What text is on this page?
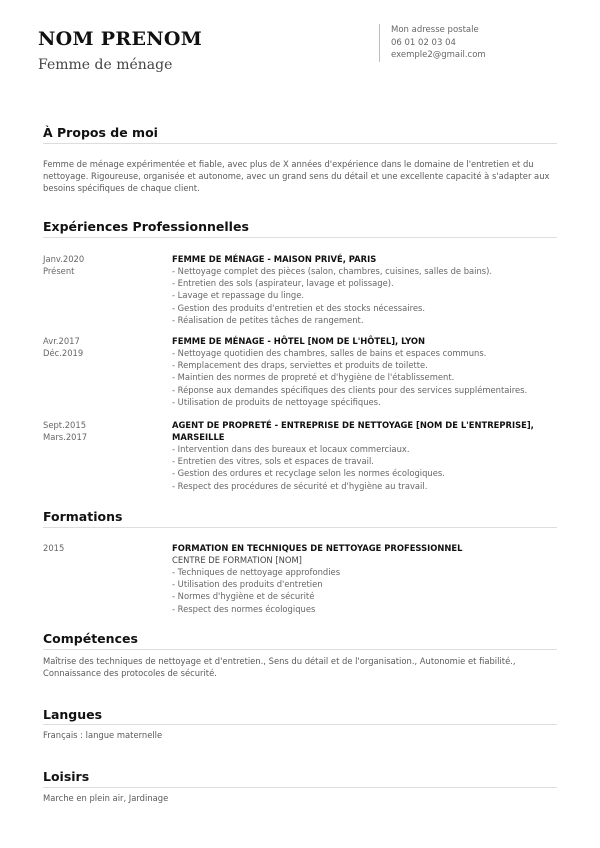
NOM PRENOM
Femme de ménage
Mon adresse postale
06 01 02 03 04
exemple2@gmail.com
À Propos de moi

Femme de ménage expérimentée et fiable, avec plus de X années d'expérience dans le domaine de l'entretien et du nettoyage. Rigoureuse, organisée et autonome, avec un grand sens du détail et une excellente capacité à s'adapter aux besoins spécifiques de chaque client.

Expériences Professionnelles
Janv.2020
Présent
FEMME DE MÉNAGE - MAISON PRIVÉ, PARIS
- Nettoyage complet des pièces (salon, chambres, cuisines, salles de bains).
- Entretien des sols (aspirateur, lavage et polissage).
- Lavage et repassage du linge.
- Gestion des produits d'entretien et des stocks nécessaires.
- Réalisation de petites tâches de rangement.
Avr.2017
Déc.2019
FEMME DE MÉNAGE - HÔTEL [NOM DE L'HÔTEL], LYON
- Nettoyage quotidien des chambres, salles de bains et espaces communs.
- Remplacement des draps, serviettes et produits de toilette.
- Maintien des normes de propreté et d'hygiène de l'établissement.
- Réponse aux demandes spécifiques des clients pour des services supplémentaires.
- Utilisation de produits de nettoyage spécifiques.
Sept.2015
Mars.2017
AGENT DE PROPRETÉ - ENTREPRISE DE NETTOYAGE [NOM DE L'ENTREPRISE],
MARSEILLE
- Intervention dans des bureaux et locaux commerciaux.
- Entretien des vitres, sols et espaces de travail.
- Gestion des ordures et recyclage selon les normes écologiques.
- Respect des procédures de sécurité et d'hygiène au travail.
Formations
2015	FORMATION EN TECHNIQUES DE NETTOYAGE PROFESSIONNEL
CENTRE DE FORMATION [NOM]
- Techniques de nettoyage approfondies
- Utilisation des produits d'entretien
- Normes d'hygiène et de sécurité
- Respect des normes écologiques
Compétences

Maîtrise des techniques de nettoyage et d'entretien., Sens du détail et de l'organisation., Autonomie et fiabilité., Connaissance des protocoles de sécurité.

Langues

Français : langue maternelle

Loisirs

Marche en plein air, Jardinage
